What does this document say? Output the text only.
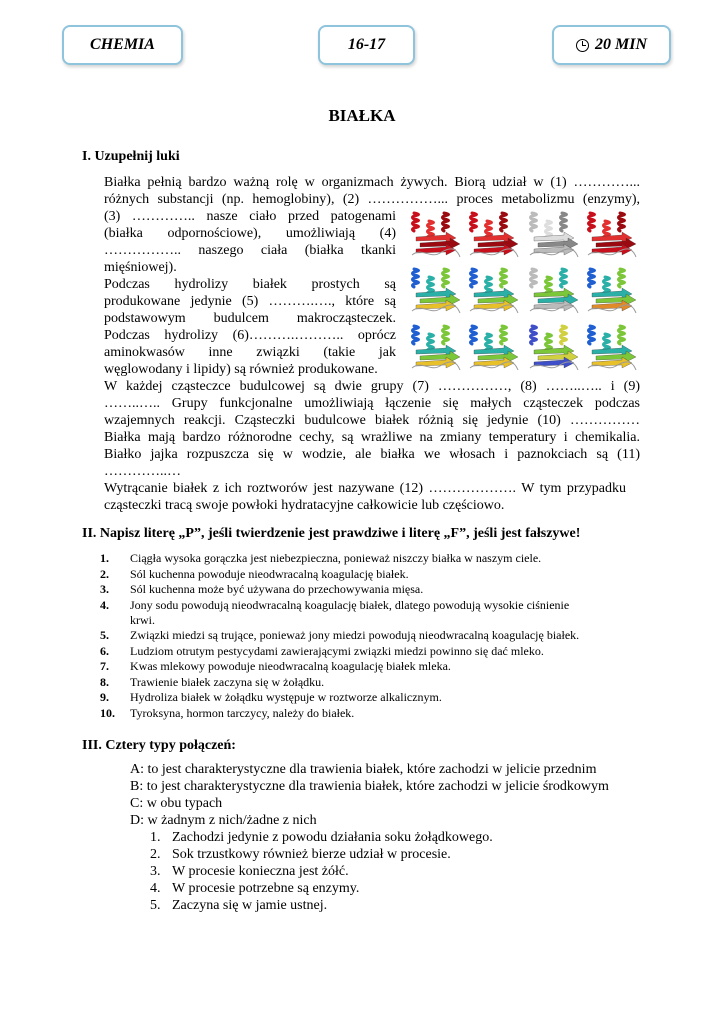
CHEMIA	16-17	20 MIN
BIAŁKA
I. Uzupełnij luki
Białka pełnią bardzo ważną rolę w organizmach żywych. Biorą udział w (1) …………...
różnych substancji (np. hemoglobiny), (2) ……………... proces metabolizmu (enzymy),
(3) ………….. nasze ciało przed patogenami
(białka odpornościowe), umożliwiają (4)
…………….. naszego ciała (białka tkanki
mięśniowej).
Podczas hydrolizy białek prostych są
produkowane jedynie (5) ……….…., które są
podstawowym budulcem makrocząsteczek.
Podczas hydrolizy (6)……….……….. oprócz
aminokwasów inne związki (takie jak
węglowodany i lipidy) są również produkowane.
W każdej cząsteczce budulcowej są dwie grupy (7) ……………, (8) ……..….. i (9)
……..….. Grupy funkcjonalne umożliwiają łączenie się małych cząsteczek podczas
wzajemnych reakcji. Cząsteczki budulcowe białek różnią się jedynie (10) ……………
Białka mają bardzo różnorodne cechy, są wrażliwe na zmiany temperatury i chemikalia.
Białko jajka rozpuszcza się w wodzie, ale białka we włosach i paznokciach są (11)
…………..…
Wytrącanie białek z ich roztworów jest nazywane (12) ………………. W tym przypadku
cząsteczki tracą swoje powłoki hydratacyjne całkowicie lub częściowo.
II. Napisz literę „P”, jeśli twierdzenie jest prawdziwe i literę „F”, jeśli jest fałszywe!
1. Ciągła wysoka gorączka jest niebezpieczna, ponieważ niszczy białka w naszym ciele.
2. Sól kuchenna powoduje nieodwracalną koagulację białek.
3. Sól kuchenna może być używana do przechowywania mięsa.
4. Jony sodu powodują nieodwracalną koagulację białek, dlatego powodują wysokie ciśnienie
krwi.
5. Związki miedzi są trujące, ponieważ jony miedzi powodują nieodwracalną koagulację białek.
6. Ludziom otrutym pestycydami zawierającymi związki miedzi powinno się dać mleko.
7. Kwas mlekowy powoduje nieodwracalną koagulację białek mleka.
8. Trawienie białek zaczyna się w żołądku.
9. Hydroliza białek w żołądku występuje w roztworze alkalicznym.
10. Tyroksyna, hormon tarczycy, należy do białek.
III. Cztery typy połączeń:
A: to jest charakterystyczne dla trawienia białek, które zachodzi w jelicie przednim
B: to jest charakterystyczne dla trawienia białek, które zachodzi w jelicie środkowym
C: w obu typach
D: w żadnym z nich/żadne z nich
1. Zachodzi jedynie z powodu działania soku żołądkowego.
2. Sok trzustkowy również bierze udział w procesie.
3. W procesie konieczna jest żółć.
4. W procesie potrzebne są enzymy.
5. Zaczyna się w jamie ustnej.
